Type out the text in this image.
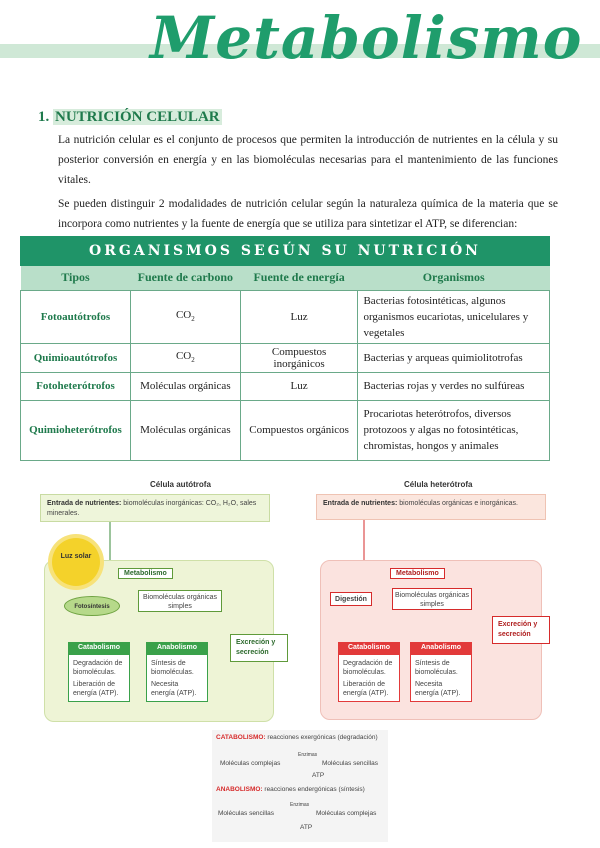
Metabolismo
1. NUTRICIÓN CELULAR

La nutrición celular es el conjunto de procesos que permiten la introducción de nutrientes en la célula y su posterior conversión en energía y en las biomoléculas necesarias para el mantenimiento de las funciones vitales.

Se pueden distinguir 2 modalidades de nutrición celular según la naturaleza química de la materia que se incorpora como nutrientes y la fuente de energía que se utiliza para sintetizar el ATP, se diferencian:

ORGANISMOS SEGÚN SU NUTRICIÓN
Tipos	Fuente de carbono	Fuente de energía	Organismos
Fotoautótrofos	$CO_2$	Luz	Bacterias fotosintéticas, algunos organismos eucariotas, unicelulares y vegetales
Quimioautótrofos	$CO_2$	Compuestos inorgánicos	Bacterias y arqueas quimiolitotrofas
Fotoheterótrofos	Moléculas orgánicas	Luz	Bacterias rojas y verdes no sulfúreas
Quimioheterótrofos	Moléculas orgánicas	Compuestos orgánicos	Procariotas heterótrofos, diversos protozoos y algas no fotosintéticas, chromistas, hongos y animales
Célula autótrofa
Entrada de nutrientes: biomoléculas inorgánicas: CO₂, H₂O, sales minerales.
Metabolismo
Luz solar
Fotosíntesis
Biomoléculas orgánicas simples
Catabolismo
Degradación de biomoléculas.
Liberación de energía (ATP).
Anabolismo
Síntesis de biomoléculas.
Necesita energía (ATP).
Excreción y secreción
Célula heterótrofa
Entrada de nutrientes: biomoléculas orgánicas e inorgánicas.
Metabolismo
Digestión
Biomoléculas orgánicas simples
Catabolismo
Degradación de biomoléculas.
Liberación de energía (ATP).
Anabolismo
Síntesis de biomoléculas.
Necesita energía (ATP).
Excreción y secreción
CATABOLISMO: reacciones exergónicas (degradación)
Moléculas complejas
Enzimas
Moléculas sencillas
ATP
ANABOLISMO: reacciones endergónicas (síntesis)
Moléculas sencillas
Enzimas
Moléculas complejas
ATP
